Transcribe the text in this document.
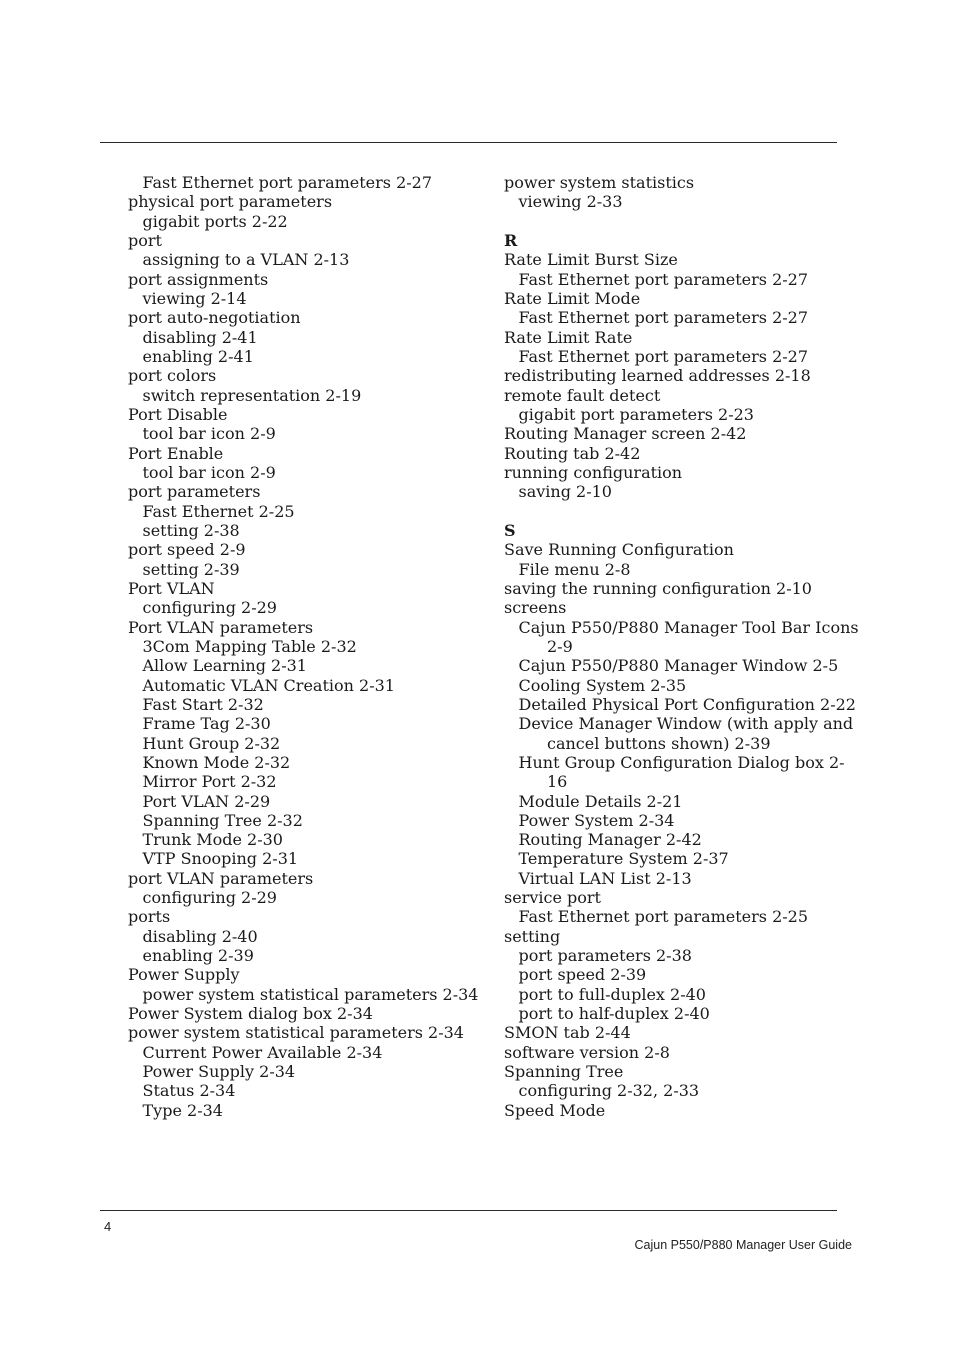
Fast Ethernet port parameters 2-27
physical port parameters
gigabit ports 2-22
port
assigning to a VLAN 2-13
port assignments
viewing 2-14
port auto-negotiation
disabling 2-41
enabling 2-41
port colors
switch representation 2-19
Port Disable
tool bar icon 2-9
Port Enable
tool bar icon 2-9
port parameters
Fast Ethernet 2-25
setting 2-38
port speed 2-9
setting 2-39
Port VLAN
configuring 2-29
Port VLAN parameters
3Com Mapping Table 2-32
Allow Learning 2-31
Automatic VLAN Creation 2-31
Fast Start 2-32
Frame Tag 2-30
Hunt Group 2-32
Known Mode 2-32
Mirror Port 2-32
Port VLAN 2-29
Spanning Tree 2-32
Trunk Mode 2-30
VTP Snooping 2-31
port VLAN parameters
configuring 2-29
ports
disabling 2-40
enabling 2-39
Power Supply
power system statistical parameters 2-34
Power System dialog box 2-34
power system statistical parameters 2-34
Current Power Available 2-34
Power Supply 2-34
Status 2-34
Type 2-34
power system statistics
viewing 2-33
R
Rate Limit Burst Size
Fast Ethernet port parameters 2-27
Rate Limit Mode
Fast Ethernet port parameters 2-27
Rate Limit Rate
Fast Ethernet port parameters 2-27
redistributing learned addresses 2-18
remote fault detect
gigabit port parameters 2-23
Routing Manager screen 2-42
Routing tab 2-42
running configuration
saving 2-10
S
Save Running Configuration
File menu 2-8
saving the running configuration 2-10
screens
Cajun P550/P880 Manager Tool Bar Icons
2-9
Cajun P550/P880 Manager Window 2-5
Cooling System 2-35
Detailed Physical Port Configuration 2-22
Device Manager Window (with apply and
cancel buttons shown) 2-39
Hunt Group Configuration Dialog box 2-
16
Module Details 2-21
Power System 2-34
Routing Manager 2-42
Temperature System 2-37
Virtual LAN List 2-13
service port
Fast Ethernet port parameters 2-25
setting
port parameters 2-38
port speed 2-39
port to full-duplex 2-40
port to half-duplex 2-40
SMON tab 2-44
software version 2-8
Spanning Tree
configuring 2-32, 2-33
Speed Mode
4
Cajun P550/P880 Manager User Guide
